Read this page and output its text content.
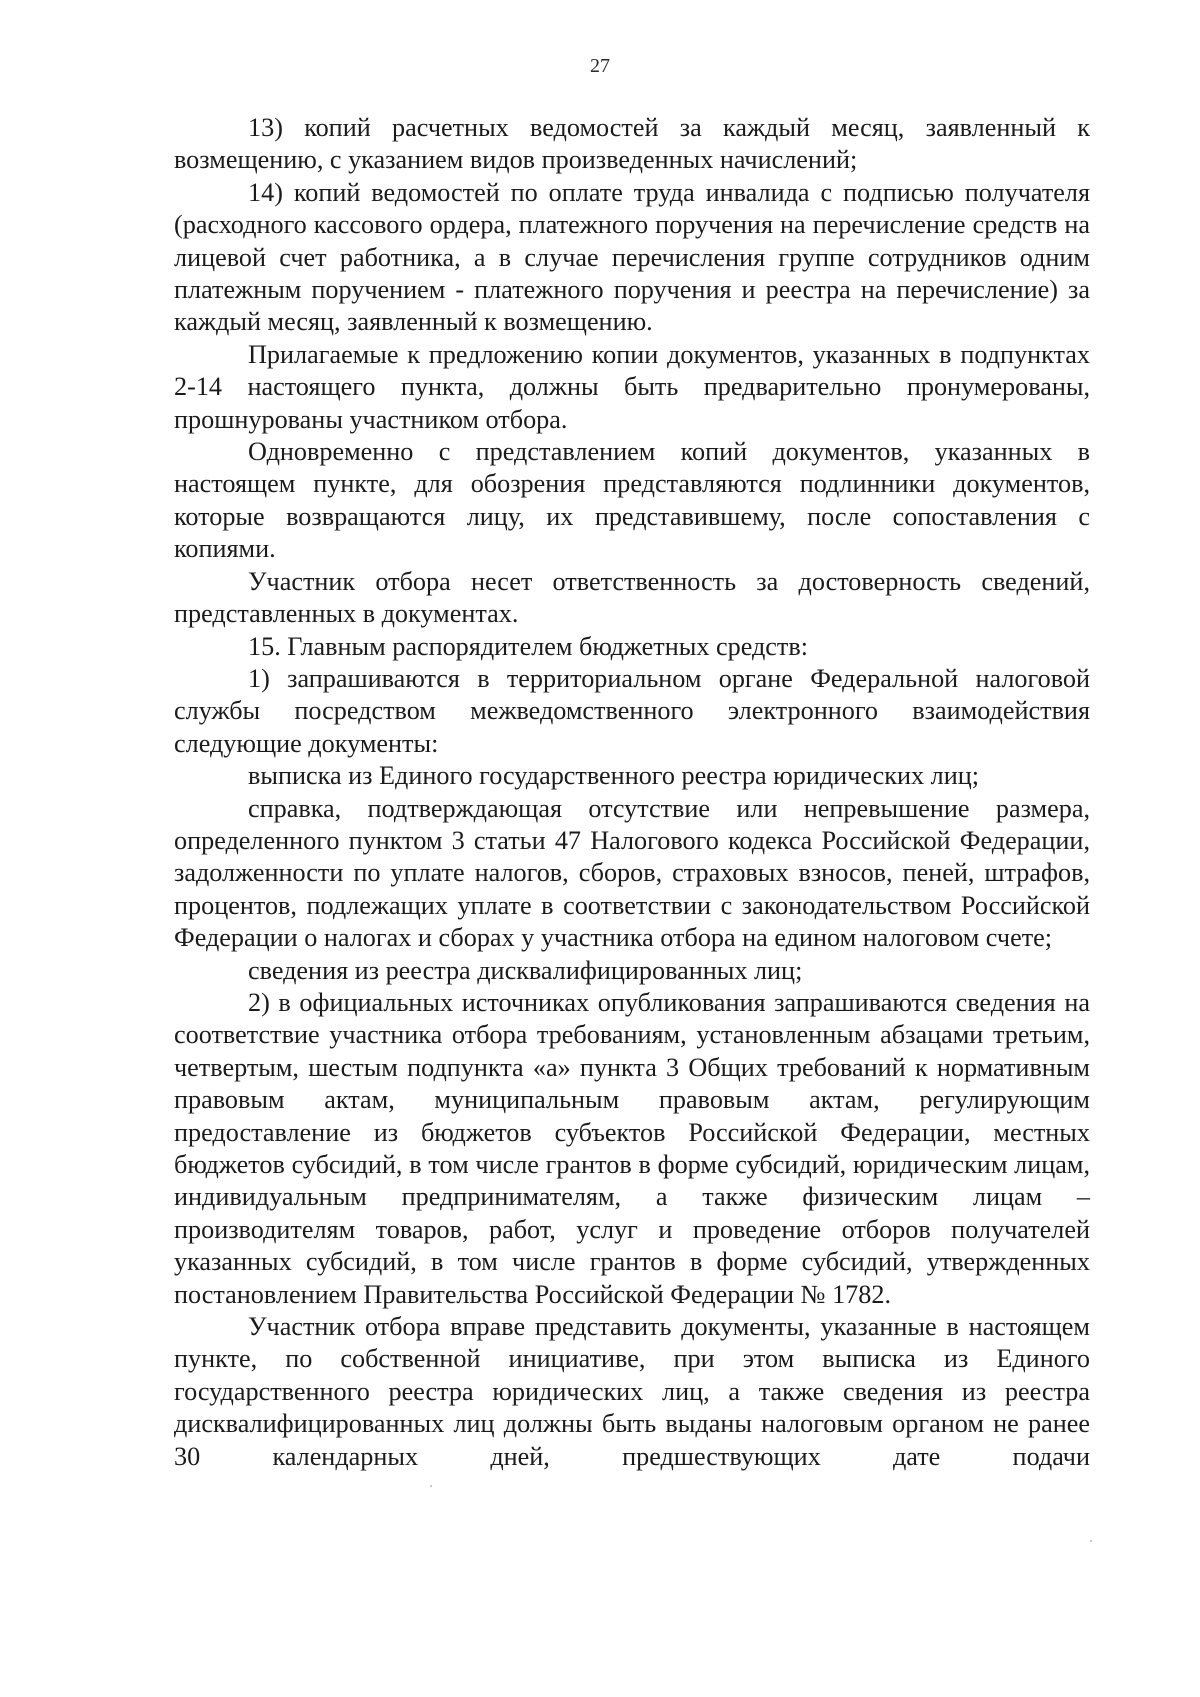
27

13) копий расчетных ведомостей за каждый месяц, заявленный к возмещению, с указанием видов произведенных начислений;

14) копий ведомостей по оплате труда инвалида с подписью получателя (расходного кассового ордера, платежного поручения на перечисление средств на лицевой счет работника, а в случае перечисления группе сотрудников одним платежным поручением - платежного поручения и реестра на перечисление) за каждый месяц, заявленный к возмещению.

Прилагаемые к предложению копии документов, указанных в подпунктах 2-14 настоящего пункта, должны быть предварительно пронумерованы, прошнурованы участником отбора.

Одновременно с представлением копий документов, указанных в настоящем пункте, для обозрения представляются подлинники документов, которые возвращаются лицу, их представившему, после сопоставления с копиями.

Участник отбора несет ответственность за достоверность сведений, представленных в документах.

15. Главным распорядителем бюджетных средств:

1) запрашиваются в территориальном органе Федеральной налоговой службы посредством межведомственного электронного взаимодействия следующие документы:

выписка из Единого государственного реестра юридических лиц;

справка, подтверждающая отсутствие или непревышение размера, определенного пунктом 3 статьи 47 Налогового кодекса Российской Федерации, задолженности по уплате налогов, сборов, страховых взносов, пеней, штрафов, процентов, подлежащих уплате в соответствии с законодательством Российской Федерации о налогах и сборах у участника отбора на едином налоговом счете;

сведения из реестра дисквалифицированных лиц;

2) в официальных источниках опубликования запрашиваются сведения на соответствие участника отбора требованиям, установленным абзацами третьим, четвертым, шестым подпункта «а» пункта 3 Общих требований к нормативным правовым актам, муниципальным правовым актам, регулирующим предоставление из бюджетов субъектов Российской Федерации, местных бюджетов субсидий, в том числе грантов в форме субсидий, юридическим лицам, индивидуальным предпринимателям, а также физическим лицам – производителям товаров, работ, услуг и проведение отборов получателей указанных субсидий, в том числе грантов в форме субсидий, утвержденных постановлением Правительства Российской Федерации № 1782.

Участник отбора вправе представить документы, указанные в настоящем пункте, по собственной инициативе, при этом выписка из Единого государственного реестра юридических лиц, а также сведения из реестра дисквалифицированных лиц должны быть выданы налоговым органом не ранее 30 календарных дней, предшествующих дате подачи
